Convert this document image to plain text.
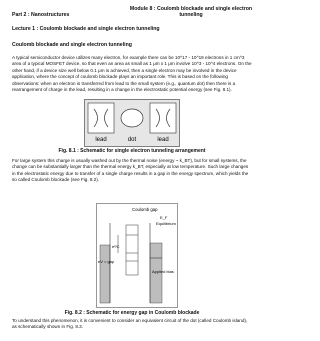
Module 8 : Coulomb blockade and single electron
tunneling
Part 2 : Nanostructures
Lecture 1 : Coulomb blockade and single electron tunneling
Coulomb blockade and single electron tunneling

A typical semiconductor device utilizes many electron, for example there can be 10^17 - 10^19 electrons in 1 cm^3 area of a typical MOSFET device, so that even an area as small as 1 μm x 1 μm involve 10^3 - 10^4 electrons. On the other hand, if a device size well below 0.1 μm is achieved, then a single electron may be involved in the device application, where the concept of coulomb blockade plays an important role. This is based on the following observations: when an electron is transferred from lead to the small system (e.g., quantum dot) then there is a rearrangement of charge in the lead, resulting in a change in the electrostatic potential energy (see Fig. 8.1).

lead	dot	lead
Fig. 8.1 : Schematic for single electron tunneling arrangement

For large system this charge is usually washed out by the thermal noise (energy ~ k_BT), but for small systems, the change can be substantially larger than the thermal energy k_BT, especially at low temperature. Such large changes in the electrostatic energy due to transfer of a single charge results in a gap in the energy spectrum, which yields the so called Coulomb blockade (see Fig. 8.2).

Coulomb gap
E_F
Equilibrium
e²/C
eV = gap
Applied bias
Fig. 8.2 : Schematic for energy gap in Coulomb blockade

To understand this phenomenon, it is convenient to consider an equivalent circuit of the dot (called Coulomb island), as schematically shown in Fig. 8.3.
